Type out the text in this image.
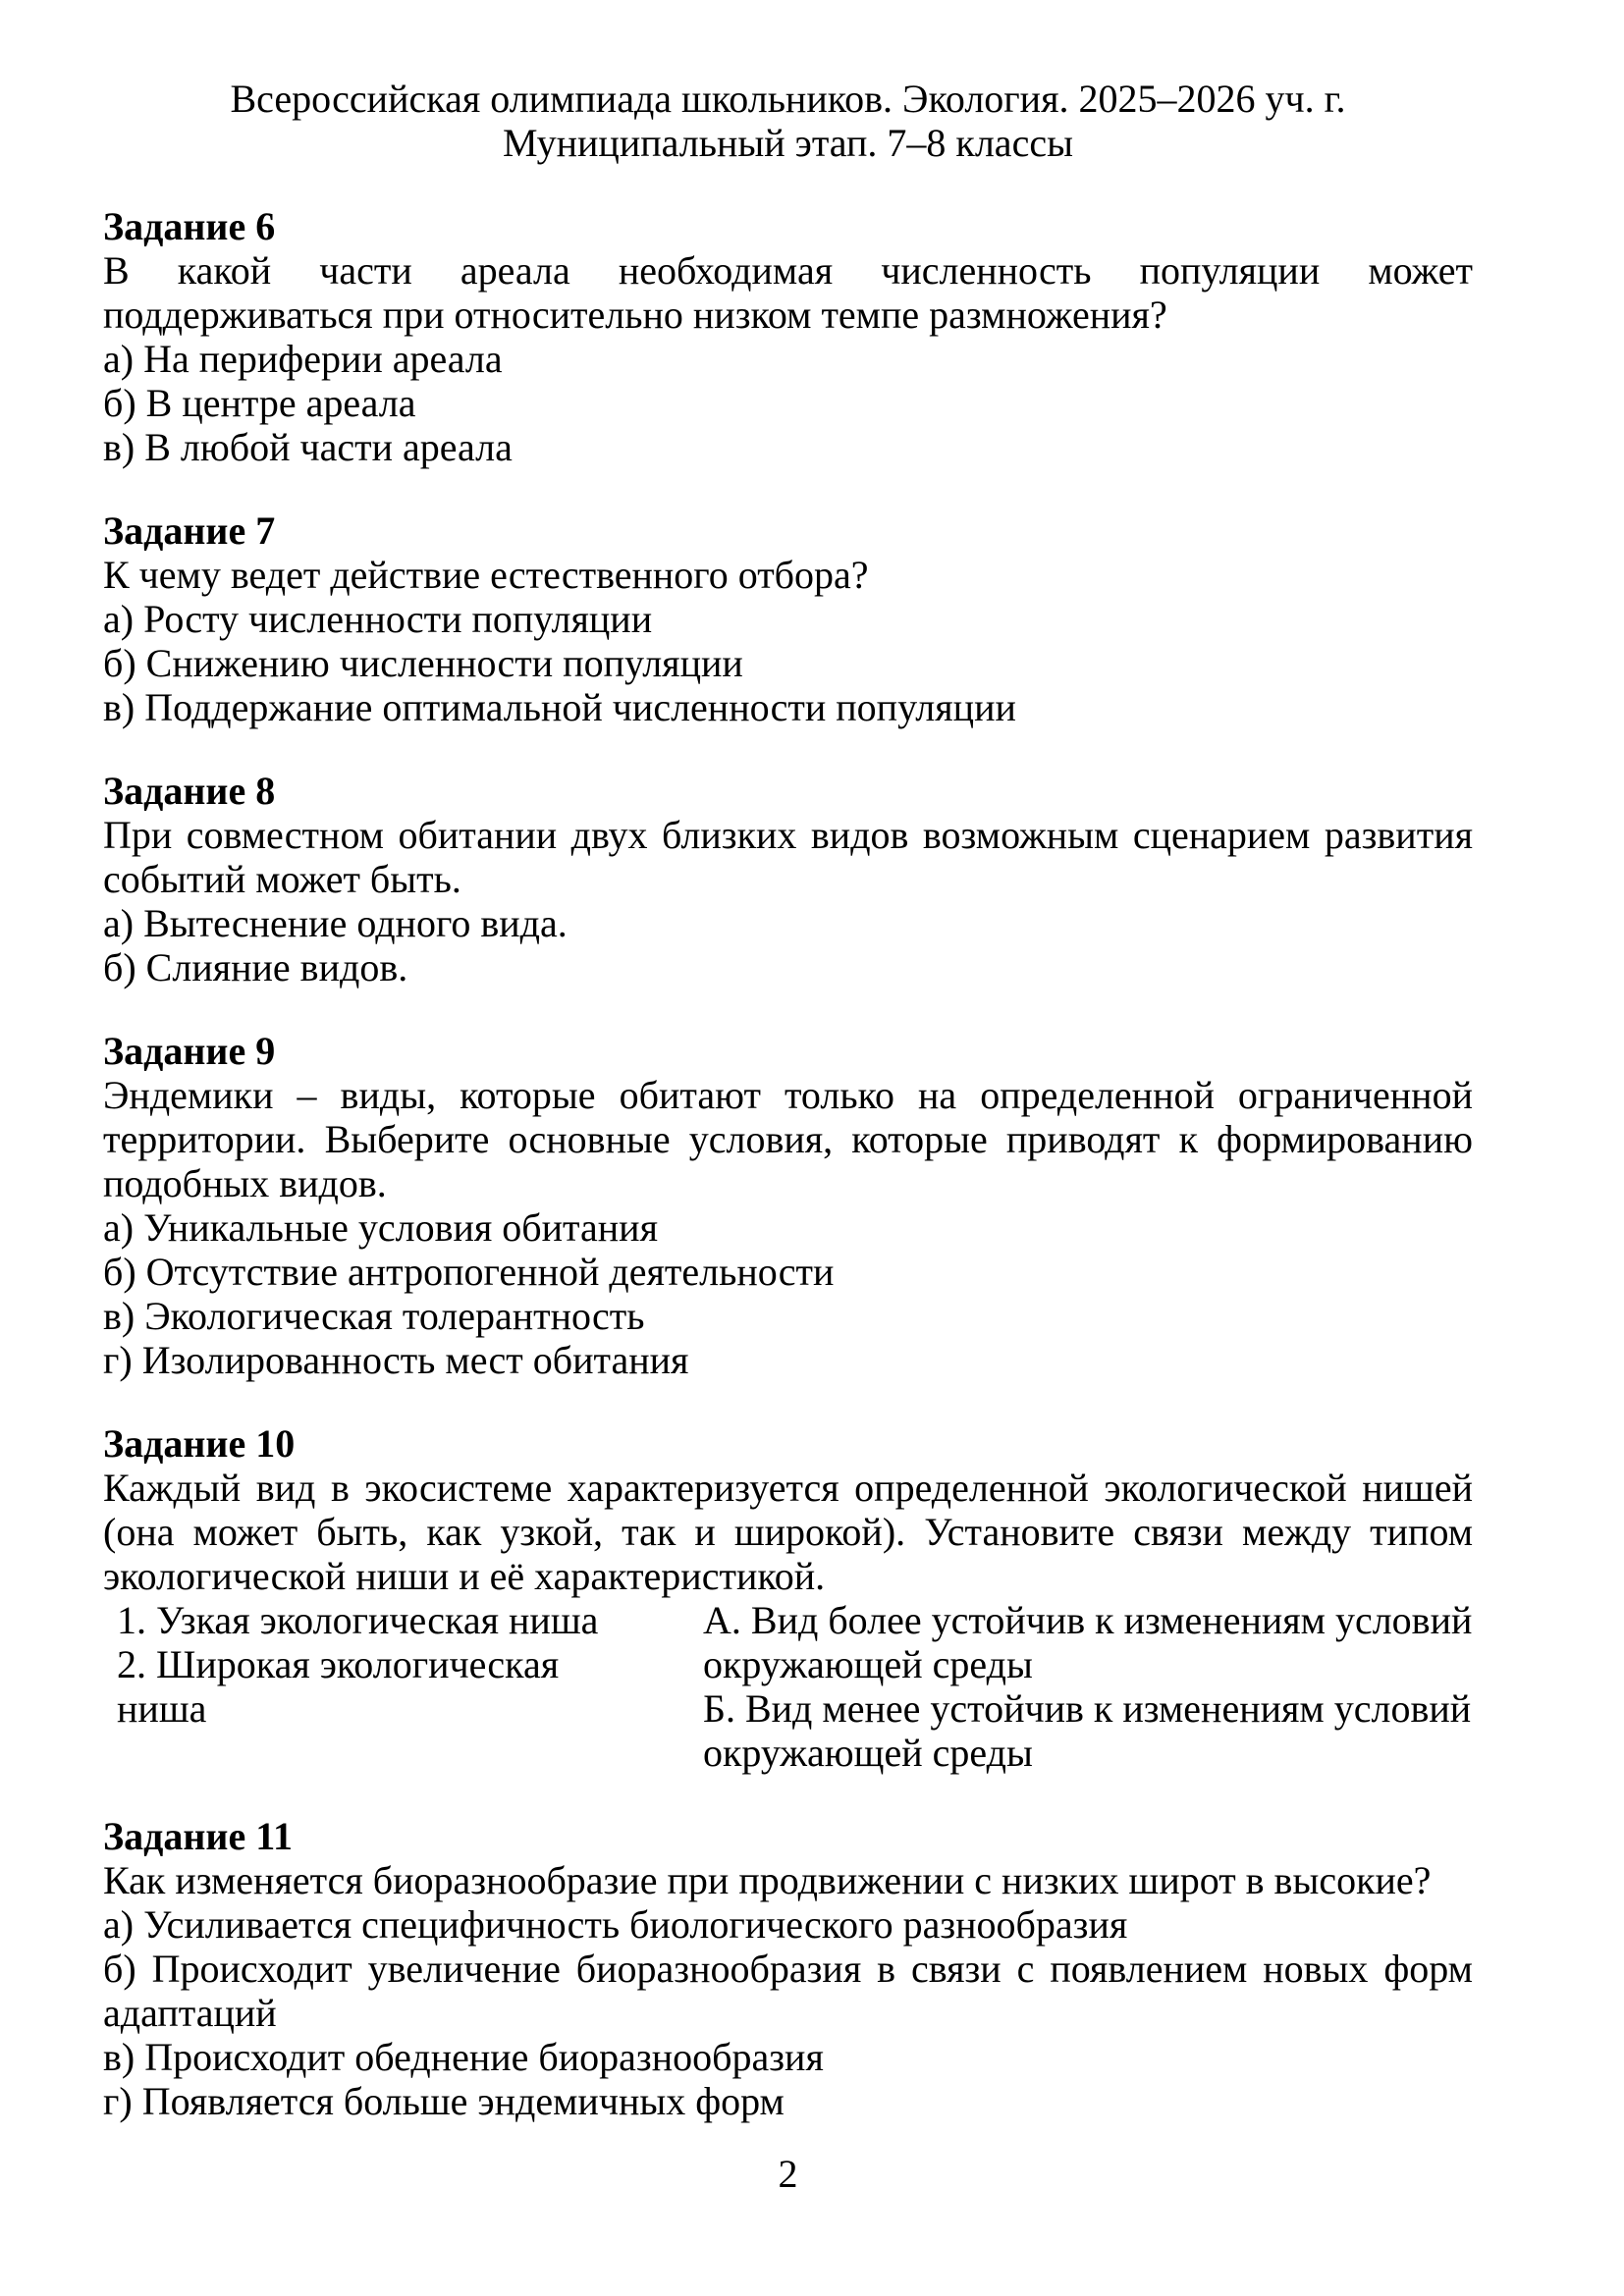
Всероссийская олимпиада школьников. Экология. 2025–2026 уч. г.
Муниципальный этап. 7–8 классы
Задание 6
В какой части ареала необходимая численность популяции может поддерживаться при относительно низком темпе размножения?
а) На периферии ареала
б) В центре ареала
в) В любой части ареала
Задание 7
К чему ведет действие естественного отбора?
а) Росту численности популяции
б) Снижению численности популяции
в) Поддержание оптимальной численности популяции
Задание 8
При совместном обитании двух близких видов возможным сценарием развития событий может быть.
а) Вытеснение одного вида.
б) Слияние видов.
Задание 9
Эндемики – виды, которые обитают только на определенной ограниченной территории. Выберите основные условия, которые приводят к формированию подобных видов.
а) Уникальные условия обитания
б) Отсутствие антропогенной деятельности
в) Экологическая толерантность
г) Изолированность мест обитания
Задание 10
Каждый вид в экосистеме характеризуется определенной экологической нишей (она может быть, как узкой, так и широкой). Установите связи между типом экологической ниши и её характеристикой.
1. Узкая экологическая ниша
2. Широкая экологическая ниша
А. Вид более устойчив к изменениям условий окружающей среды
Б. Вид менее устойчив к изменениям условий окружающей среды
Задание 11
Как изменяется биоразнообразие при продвижении с низких широт в высокие?
а) Усиливается специфичность биологического разнообразия
б) Происходит увеличение биоразнообразия в связи с появлением новых форм адаптаций
в) Происходит обеднение биоразнообразия
г) Появляется больше эндемичных форм
2
